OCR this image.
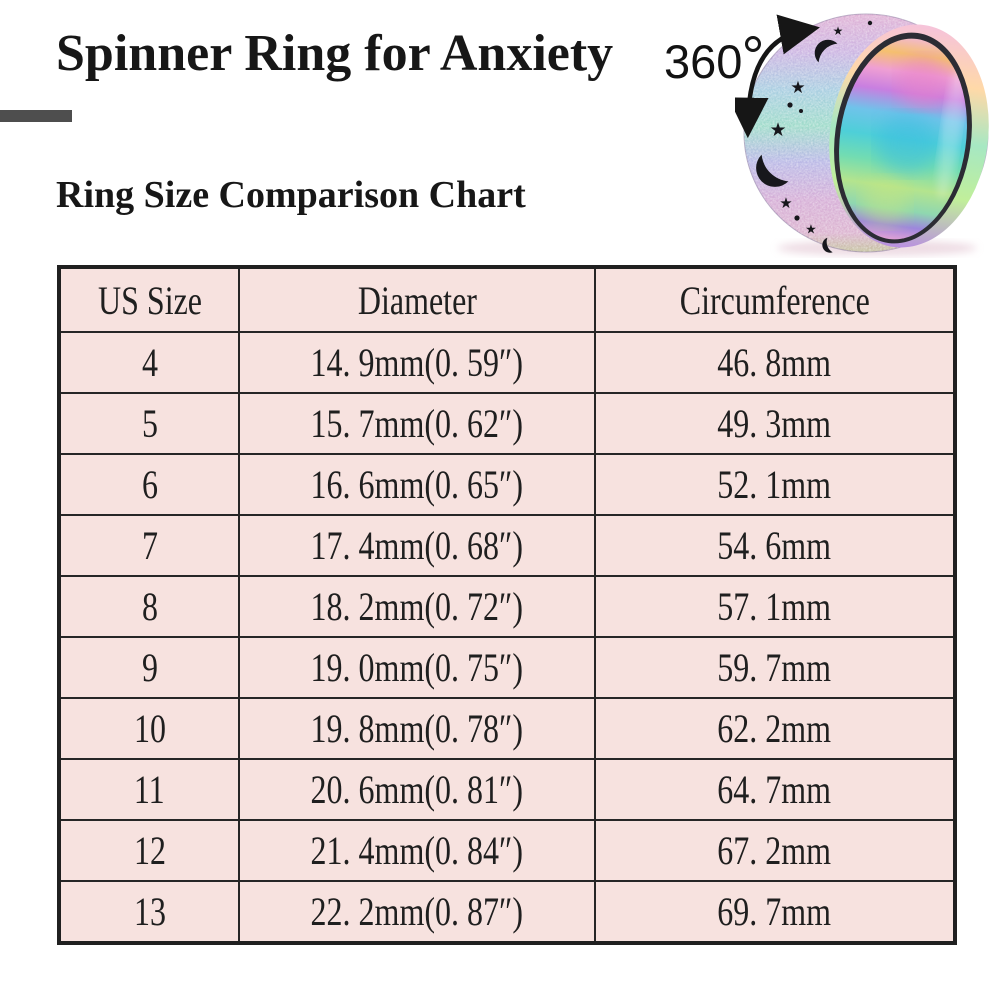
Spinner Ring for Anxiety
Ring Size Comparison Chart
360	★
★
★
★
★
US Size	Diameter	Circumference
4	14. 9mm(0. 59″)	46. 8mm
5	15. 7mm(0. 62″)	49. 3mm
6	16. 6mm(0. 65″)	52. 1mm
7	17. 4mm(0. 68″)	54. 6mm
8	18. 2mm(0. 72″)	57. 1mm
9	19. 0mm(0. 75″)	59. 7mm
10	19. 8mm(0. 78″)	62. 2mm
11	20. 6mm(0. 81″)	64. 7mm
12	21. 4mm(0. 84″)	67. 2mm
13	22. 2mm(0. 87″)	69. 7mm
